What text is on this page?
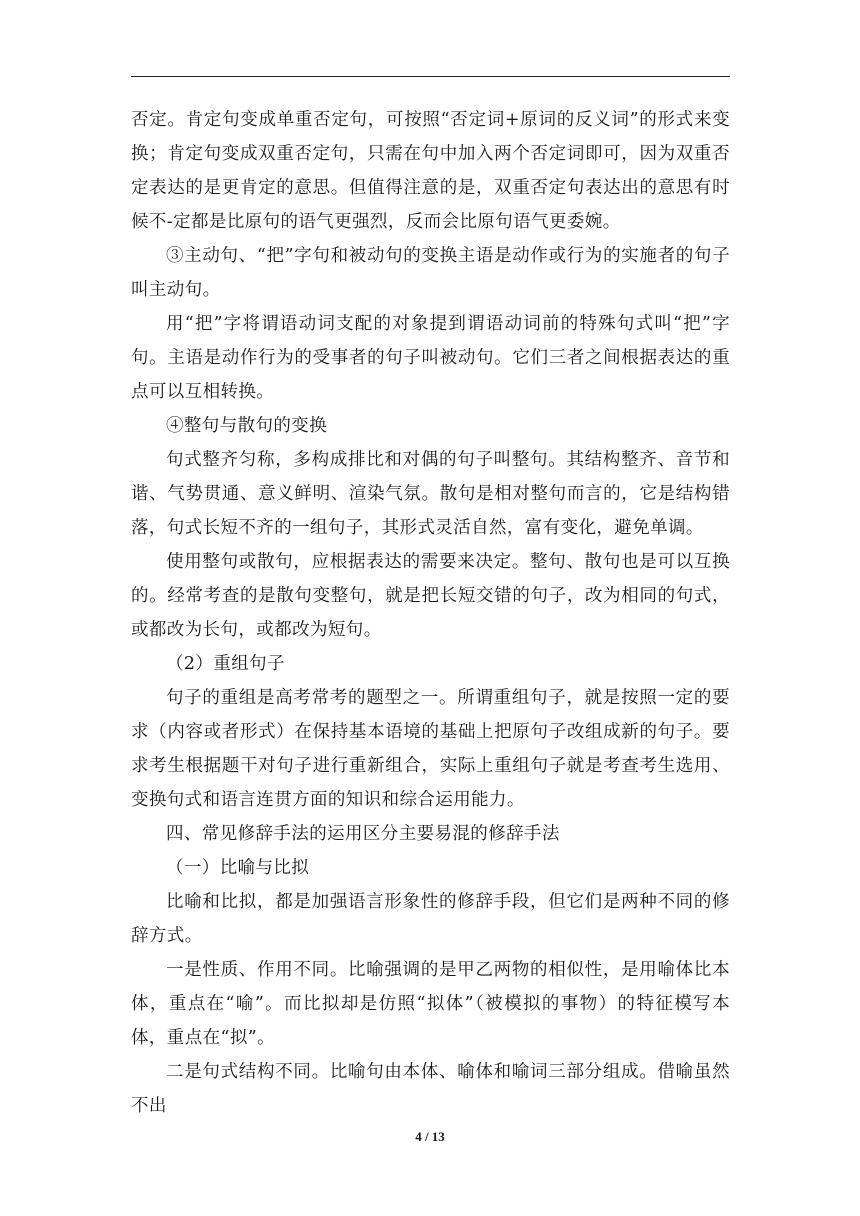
否定。肯定句变成单重否定句，可按照“否定词+原词的反义词”的形式来变换；肯定句变成双重否定句，只需在句中加入两个否定词即可，因为双重否定表达的是更肯定的意思。但值得注意的是，双重否定句表达出的意思有时候不-定都是比原句的语气更强烈，反而会比原句语气更委婉。

③主动句、“把”字句和被动句的变换主语是动作或行为的实施者的句子叫主动句。

用“把”字将谓语动词支配的对象提到谓语动词前的特殊句式叫“把”字句。主语是动作行为的受事者的句子叫被动句。它们三者之间根据表达的重点可以互相转换。

④整句与散句的变换

句式整齐匀称，多构成排比和对偶的句子叫整句。其结构整齐、音节和谐、气势贯通、意义鲜明、渲染气氛。散句是相对整句而言的，它是结构错落，句式长短不齐的一组句子，其形式灵活自然，富有变化，避免单调。

使用整句或散句，应根据表达的需要来决定。整句、散句也是可以互换的。经常考查的是散句变整句，就是把长短交错的句子，改为相同的句式，或都改为长句，或都改为短句。

（2）重组句子

句子的重组是高考常考的题型之一。所谓重组句子，就是按照一定的要求（内容或者形式）在保持基本语境的基础上把原句子改组成新的句子。要求考生根据题干对句子进行重新组合，实际上重组句子就是考查考生选用、变换句式和语言连贯方面的知识和综合运用能力。

四、常见修辞手法的运用区分主要易混的修辞手法

（一）比喻与比拟

比喻和比拟，都是加强语言形象性的修辞手段，但它们是两种不同的修辞方式。

一是性质、作用不同。比喻强调的是甲乙两物的相似性，是用喻体比本体，重点在“喻”。而比拟却是仿照“拟体”（被模拟的事物）的特征模写本体，重点在“拟”。

二是句式结构不同。比喻句由本体、喻体和喻词三部分组成。借喻虽然不出

4 / 13
